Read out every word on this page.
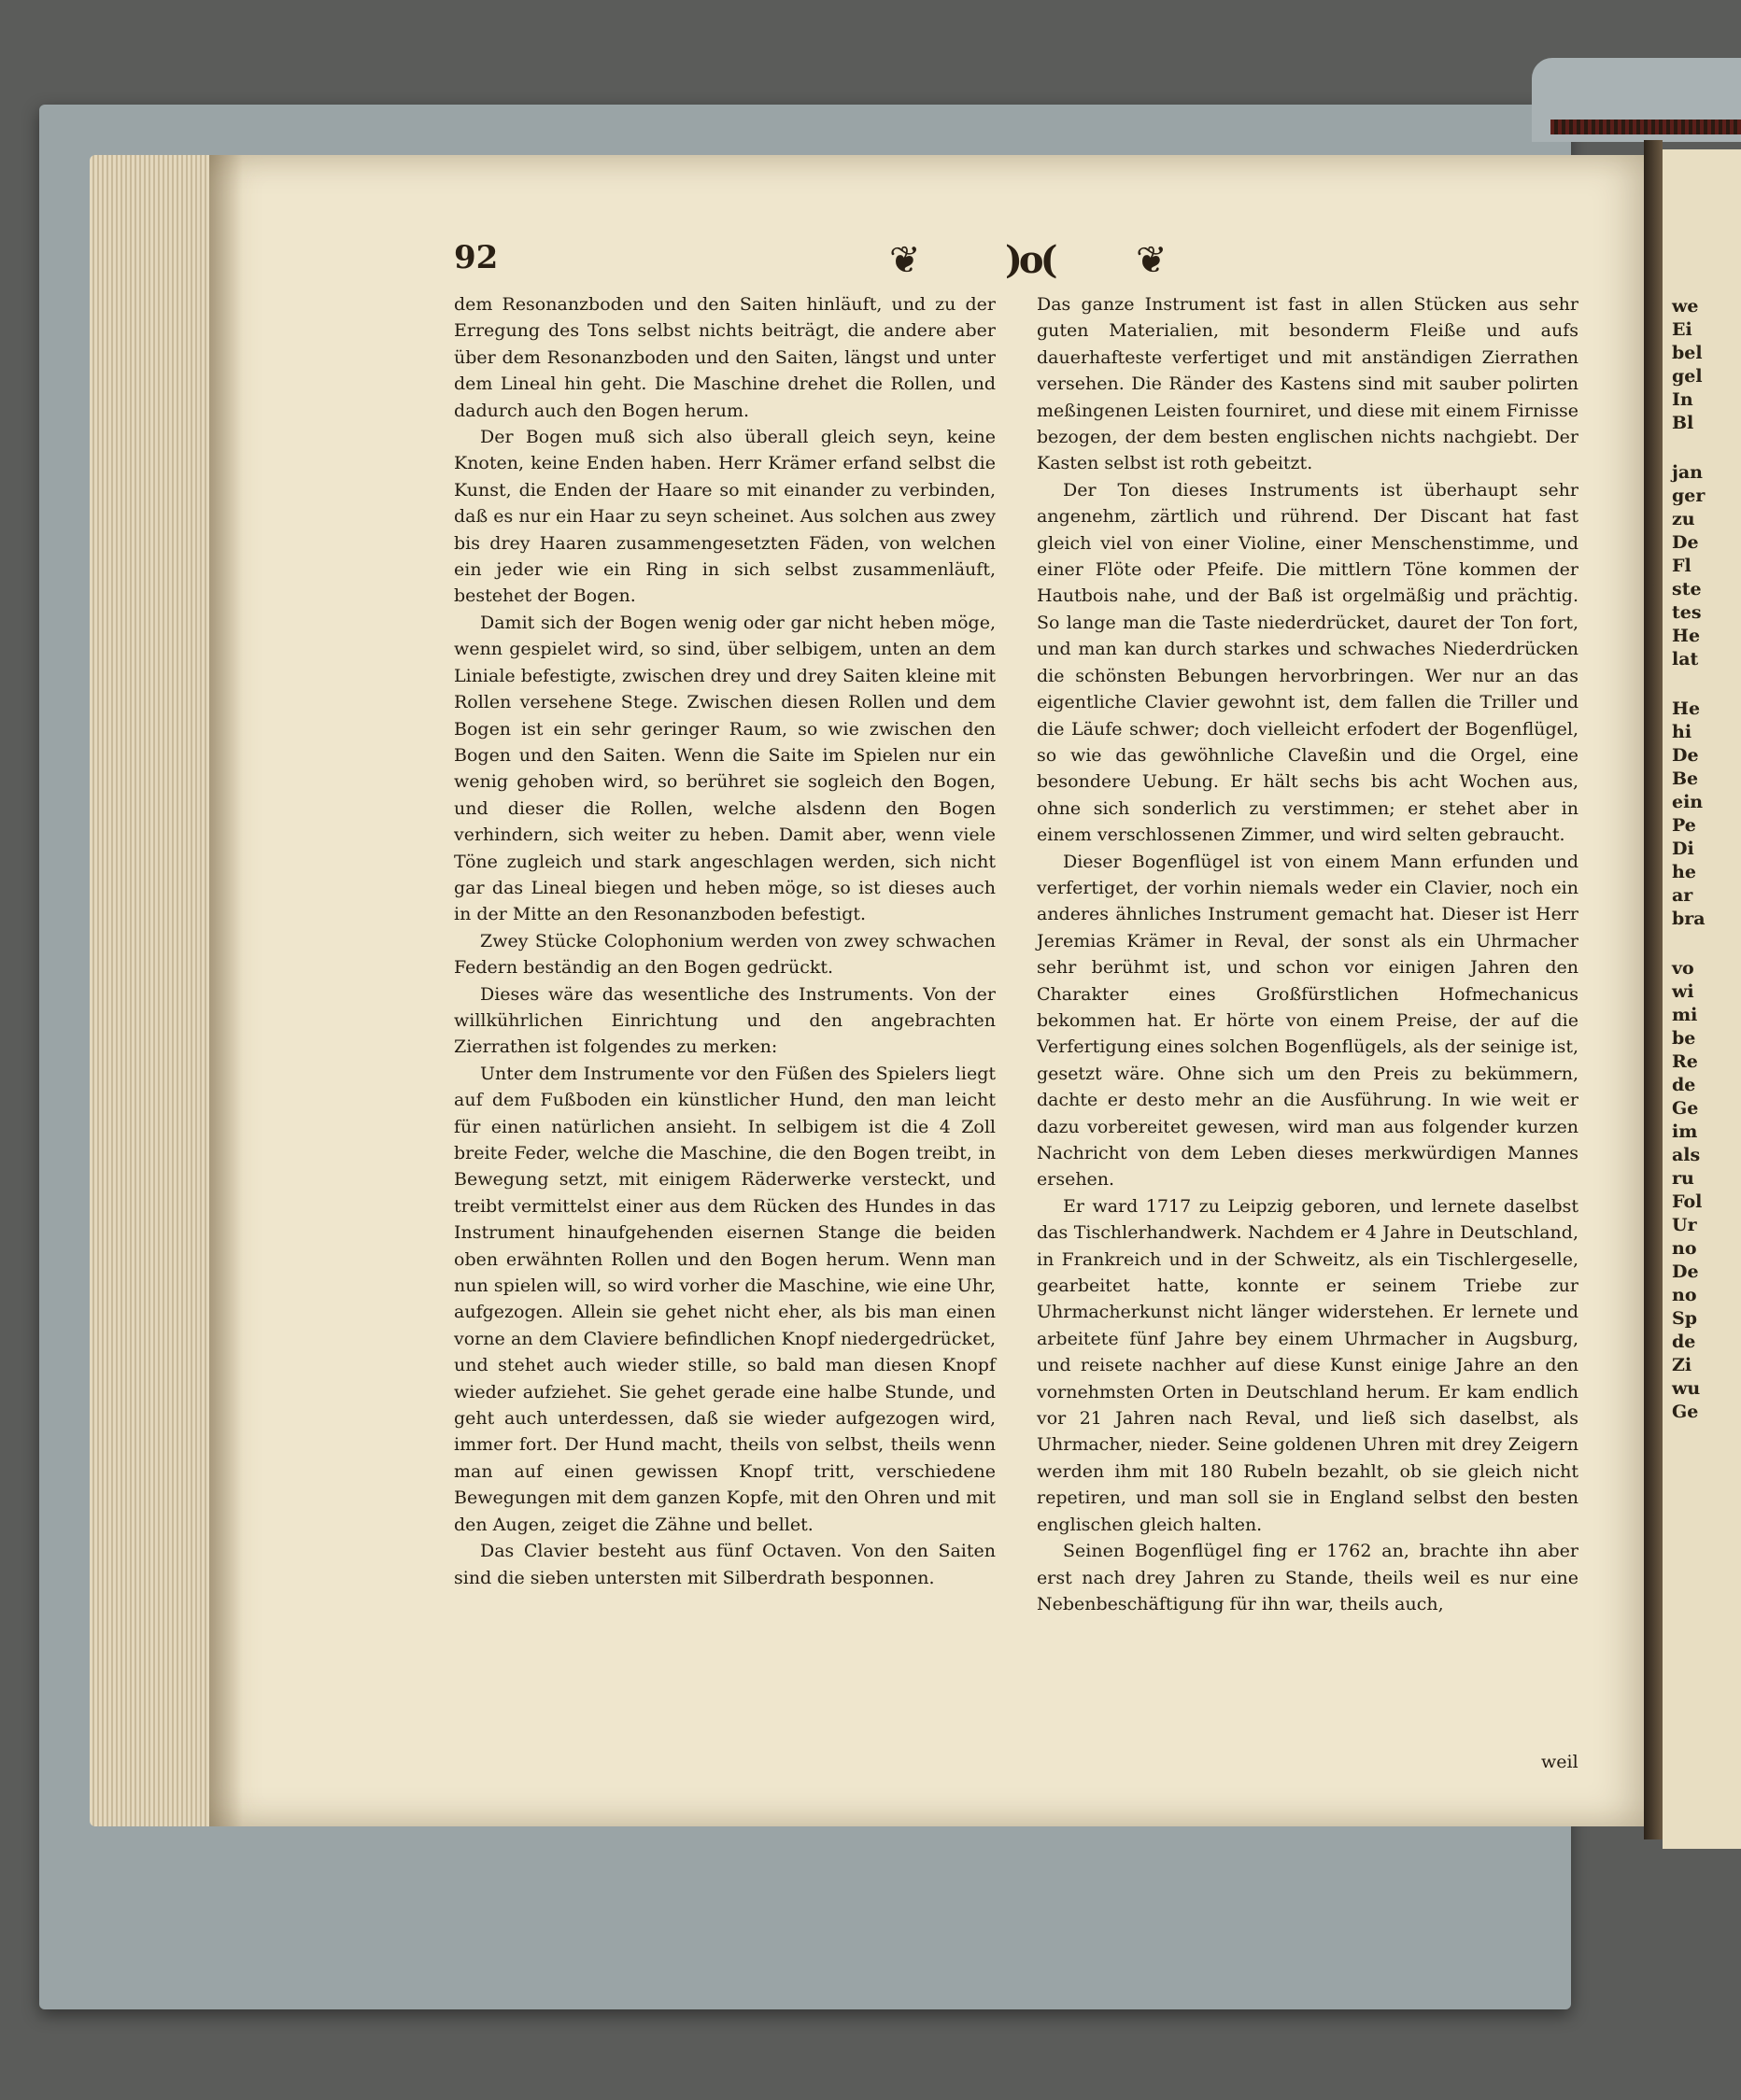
we
Ei
bel
gel
In
Bl
jan
ger
zu
De
Fl
ste
tes
He
lat
He
hi
De
Be
ein
Pe
Di
he
ar
bra
vo
wi
mi
be
Re
de
Ge
im
als
ru
Fol
Ur
no
De
no
Sp
de
Zi
wu
Ge
92	❦ )o( ❦

dem Resonanzboden und den Saiten hinläuft, und zu der Erregung des Tons selbst nichts beiträgt, die andere aber über dem Resonanzboden und den Saiten, längst und unter dem Lineal hin geht. Die Maschine drehet die Rollen, und dadurch auch den Bogen herum.

Der Bogen muß sich also überall gleich seyn, keine Knoten, keine Enden haben. Herr Krämer erfand selbst die Kunst, die Enden der Haare so mit einander zu verbinden, daß es nur ein Haar zu seyn scheinet. Aus solchen aus zwey bis drey Haaren zusammengesetzten Fäden, von welchen ein jeder wie ein Ring in sich selbst zusammenläuft, bestehet der Bogen.

Damit sich der Bogen wenig oder gar nicht heben möge, wenn gespielet wird, so sind, über selbigem, unten an dem Liniale befestigte, zwischen drey und drey Saiten kleine mit Rollen versehene Stege. Zwischen diesen Rollen und dem Bogen ist ein sehr geringer Raum, so wie zwischen den Bogen und den Saiten. Wenn die Saite im Spielen nur ein wenig gehoben wird, so berühret sie sogleich den Bogen, und dieser die Rollen, welche alsdenn den Bogen verhindern, sich weiter zu heben. Damit aber, wenn viele Töne zugleich und stark angeschlagen werden, sich nicht gar das Lineal biegen und heben möge, so ist dieses auch in der Mitte an den Resonanzboden befestigt.

Zwey Stücke Colophonium werden von zwey schwachen Federn beständig an den Bogen gedrückt.

Dieses wäre das wesentliche des Instruments. Von der willkührlichen Einrichtung und den angebrachten Zierrathen ist folgendes zu merken:

Unter dem Instrumente vor den Füßen des Spielers liegt auf dem Fußboden ein künstlicher Hund, den man leicht für einen natürlichen ansieht. In selbigem ist die 4 Zoll breite Feder, welche die Maschine, die den Bogen treibt, in Bewegung setzt, mit einigem Räderwerke versteckt, und treibt vermittelst einer aus dem Rücken des Hundes in das Instrument hinaufgehenden eisernen Stange die beiden oben erwähnten Rollen und den Bogen herum. Wenn man nun spielen will, so wird vorher die Maschine, wie eine Uhr, aufgezogen. Allein sie gehet nicht eher, als bis man einen vorne an dem Claviere befindlichen Knopf niedergedrücket, und stehet auch wieder stille, so bald man diesen Knopf wieder aufziehet. Sie gehet gerade eine halbe Stunde, und geht auch unterdessen, daß sie wieder aufgezogen wird, immer fort. Der Hund macht, theils von selbst, theils wenn man auf einen gewissen Knopf tritt, verschiedene Bewegungen mit dem ganzen Kopfe, mit den Ohren und mit den Augen, zeiget die Zähne und bellet.

Das Clavier besteht aus fünf Octaven. Von den Saiten sind die sieben untersten mit Silberdrath besponnen.

Das ganze Instrument ist fast in allen Stücken aus sehr guten Materialien, mit besonderm Fleiße und aufs dauerhafteste verfertiget und mit anständigen Zierrathen versehen. Die Ränder des Kastens sind mit sauber polirten meßingenen Leisten fourniret, und diese mit einem Firnisse bezogen, der dem besten englischen nichts nachgiebt. Der Kasten selbst ist roth gebeitzt.

Der Ton dieses Instruments ist überhaupt sehr angenehm, zärtlich und rührend. Der Discant hat fast gleich viel von einer Violine, einer Menschenstimme, und einer Flöte oder Pfeife. Die mittlern Töne kommen der Hautbois nahe, und der Baß ist orgelmäßig und prächtig. So lange man die Taste niederdrücket, dauret der Ton fort, und man kan durch starkes und schwaches Niederdrücken die schönsten Bebungen hervorbringen. Wer nur an das eigentliche Clavier gewohnt ist, dem fallen die Triller und die Läufe schwer; doch vielleicht erfodert der Bogenflügel, so wie das gewöhnliche Claveßin und die Orgel, eine besondere Uebung. Er hält sechs bis acht Wochen aus, ohne sich sonderlich zu verstimmen; er stehet aber in einem verschlossenen Zimmer, und wird selten gebraucht.

Dieser Bogenflügel ist von einem Mann erfunden und verfertiget, der vorhin niemals weder ein Clavier, noch ein anderes ähnliches Instrument gemacht hat. Dieser ist Herr Jeremias Krämer in Reval, der sonst als ein Uhrmacher sehr berühmt ist, und schon vor einigen Jahren den Charakter eines Großfürstlichen Hofmechanicus bekommen hat. Er hörte von einem Preise, der auf die Verfertigung eines solchen Bogenflügels, als der seinige ist, gesetzt wäre. Ohne sich um den Preis zu bekümmern, dachte er desto mehr an die Ausführung. In wie weit er dazu vorbereitet gewesen, wird man aus folgender kurzen Nachricht von dem Leben dieses merkwürdigen Mannes ersehen.

Er ward 1717 zu Leipzig geboren, und lernete daselbst das Tischlerhandwerk. Nachdem er 4 Jahre in Deutschland, in Frankreich und in der Schweitz, als ein Tischlergeselle, gearbeitet hatte, konnte er seinem Triebe zur Uhrmacherkunst nicht länger widerstehen. Er lernete und arbeitete fünf Jahre bey einem Uhrmacher in Augsburg, und reisete nachher auf diese Kunst einige Jahre an den vornehmsten Orten in Deutschland herum. Er kam endlich vor 21 Jahren nach Reval, und ließ sich daselbst, als Uhrmacher, nieder. Seine goldenen Uhren mit drey Zeigern werden ihm mit 180 Rubeln bezahlt, ob sie gleich nicht repetiren, und man soll sie in England selbst den besten englischen gleich halten.

Seinen Bogenflügel fing er 1762 an, brachte ihn aber erst nach drey Jahren zu Stande, theils weil es nur eine Nebenbeschäftigung für ihn war, theils auch,

weil
